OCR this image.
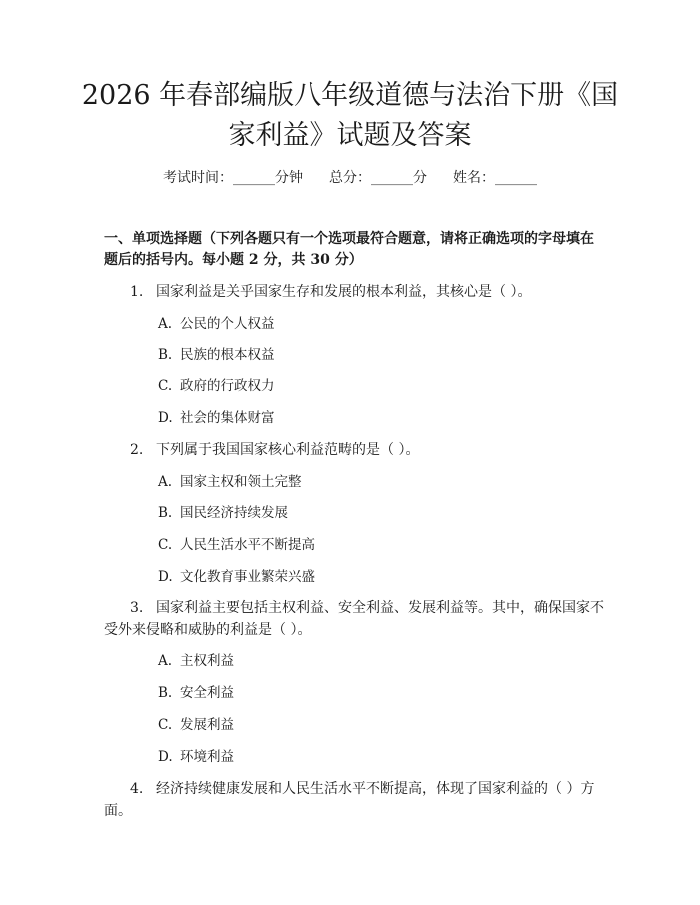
2026 年春部编版八年级道德与法治下册《国
家利益》试题及答案
考试时间：______分钟 总分：______分 姓名：______
一、单项选择题（下列各题只有一个选项最符合题意，请将正确选项的字母填在
题后的括号内。每小题 2 分，共 30 分）
1. 国家利益是关乎国家生存和发展的根本利益，其核心是（ ）。
A. 公民的个人权益
B. 民族的根本权益
C. 政府的行政权力
D. 社会的集体财富
2. 下列属于我国国家核心利益范畴的是（ ）。
A. 国家主权和领土完整
B. 国民经济持续发展
C. 人民生活水平不断提高
D. 文化教育事业繁荣兴盛
3. 国家利益主要包括主权利益、安全利益、发展利益等。其中，确保国家不
受外来侵略和威胁的利益是（ ）。
A. 主权利益
B. 安全利益
C. 发展利益
D. 环境利益
4. 经济持续健康发展和人民生活水平不断提高，体现了国家利益的（ ）方
面。
